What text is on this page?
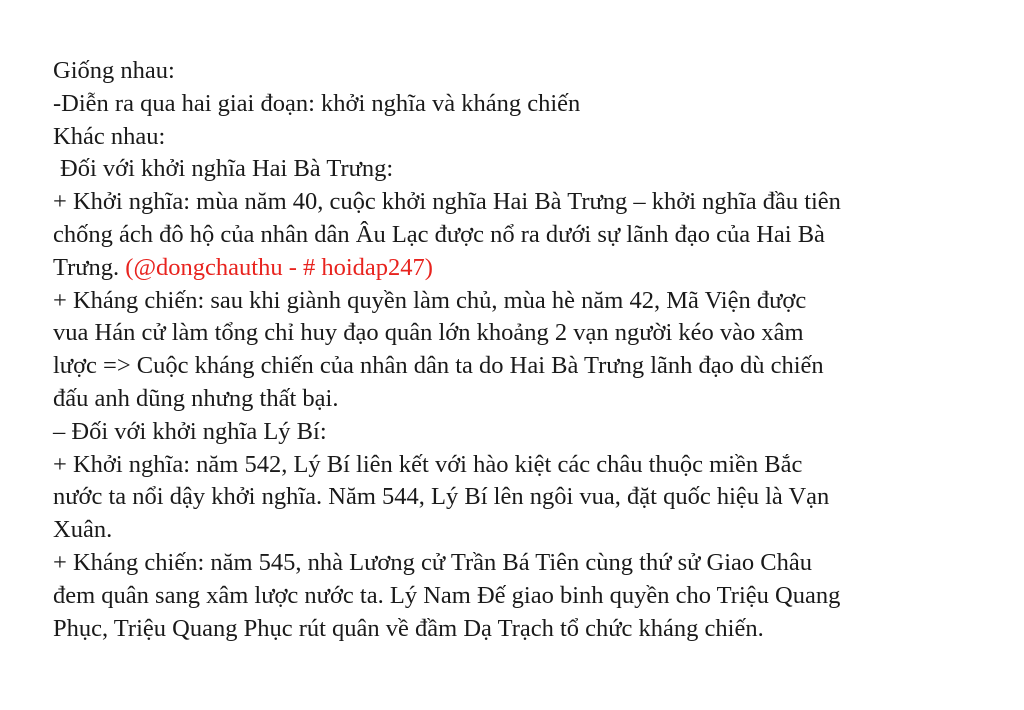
Giống nhau:

-Diễn ra qua hai giai đoạn: khởi nghĩa và kháng chiến

Khác nhau:

Đối với khởi nghĩa Hai Bà Trưng:

+ Khởi nghĩa: mùa năm 40, cuộc khởi nghĩa Hai Bà Trưng – khởi nghĩa đầu tiên

chống ách đô hộ của nhân dân Âu Lạc được nổ ra dưới sự lãnh đạo của Hai Bà

Trưng. (@dongchauthu - # hoidap247)

+ Kháng chiến: sau khi giành quyền làm chủ, mùa hè năm 42, Mã Viện được

vua Hán cử làm tổng chỉ huy đạo quân lớn khoảng 2 vạn người kéo vào xâm

lược => Cuộc kháng chiến của nhân dân ta do Hai Bà Trưng lãnh đạo dù chiến

đấu anh dũng nhưng thất bại.

– Đối với khởi nghĩa Lý Bí:

+ Khởi nghĩa: năm 542, Lý Bí liên kết với hào kiệt các châu thuộc miền Bắc

nước ta nổi dậy khởi nghĩa. Năm 544, Lý Bí lên ngôi vua, đặt quốc hiệu là Vạn

Xuân.

+ Kháng chiến: năm 545, nhà Lương cử Trần Bá Tiên cùng thứ sử Giao Châu

đem quân sang xâm lược nước ta. Lý Nam Đế giao binh quyền cho Triệu Quang

Phục, Triệu Quang Phục rút quân về đầm Dạ Trạch tổ chức kháng chiến.
